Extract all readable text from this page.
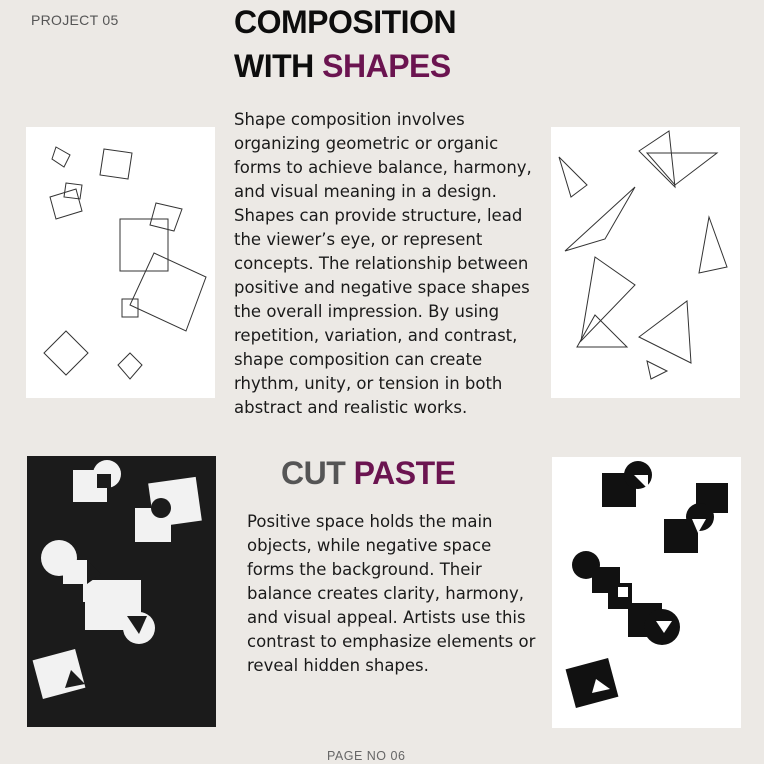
PROJECT 05	COMPOSITION
WITH SHAPES
Shape composition involves organizing geometric or organic forms to achieve balance, harmony, and visual meaning in a design. Shapes can provide structure, lead the viewer’s eye, or represent concepts. The relationship between positive and negative space shapes the overall impression. By using repetition, variation, and contrast, shape composition can create rhythm, unity, or tension in both abstract and realistic works.
CUT PASTE
Positive space holds the main objects, while negative space forms the background. Their balance creates clarity, harmony, and visual appeal. Artists use this contrast to emphasize elements or reveal hidden shapes.
PAGE NO 06
